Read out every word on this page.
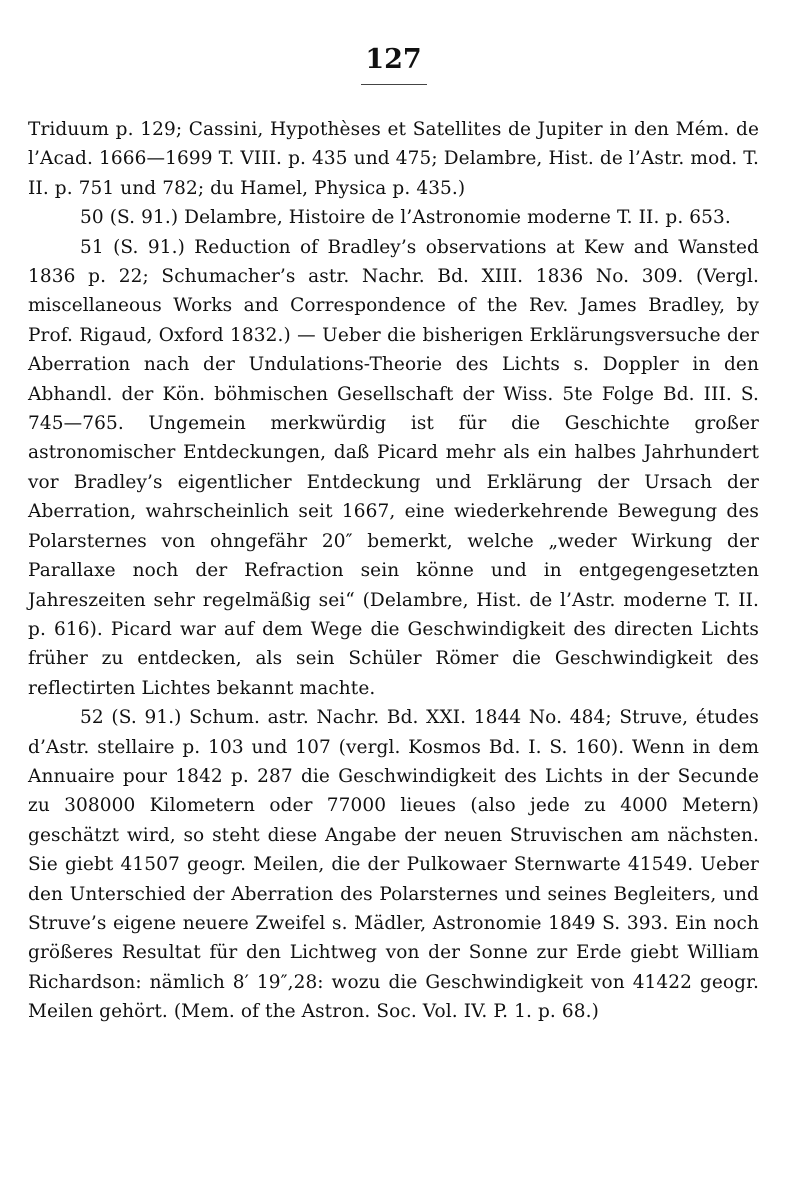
127

Triduum p. 129; Cassini, Hypothèses et Satellites de Jupiter in den Mém. de l’Acad. 1666—1699 T. VIII. p. 435 und 475; Delambre, Hist. de l’Astr. mod. T. II. p. 751 und 782; du Hamel, Physica p. 435.)

50 (S. 91.) Delambre, Histoire de l’Astronomie moderne T. II. p. 653.

51 (S. 91.) Reduction of Bradley’s observations at Kew and Wansted 1836 p. 22; Schumacher’s astr. Nachr. Bd. XIII. 1836 No. 309. (Vergl. miscellaneous Works and Correspondence of the Rev. James Bradley, by Prof. Rigaud, Oxford 1832.) — Ueber die bisherigen Erklärungsversuche der Aberration nach der Undulations-Theorie des Lichts s. Doppler in den Abhandl. der Kön. böhmischen Gesellschaft der Wiss. 5te Folge Bd. III. S. 745—765. Ungemein merkwürdig ist für die Geschichte großer astronomischer Entdeckungen, daß Picard mehr als ein halbes Jahrhundert vor Bradley’s eigentlicher Entdeckung und Erklärung der Ursach der Aberration, wahrscheinlich seit 1667, eine wiederkehrende Bewegung des Polarsternes von ohngefähr 20″ bemerkt, welche „weder Wirkung der Parallaxe noch der Refraction sein könne und in entgegengesetzten Jahreszeiten sehr regelmäßig sei“ (Delambre, Hist. de l’Astr. moderne T. II. p. 616). Picard war auf dem Wege die Geschwindigkeit des directen Lichts früher zu entdecken, als sein Schüler Römer die Geschwindigkeit des reflectirten Lichtes bekannt machte.

52 (S. 91.) Schum. astr. Nachr. Bd. XXI. 1844 No. 484; Struve, études d’Astr. stellaire p. 103 und 107 (vergl. Kosmos Bd. I. S. 160). Wenn in dem Annuaire pour 1842 p. 287 die Geschwindigkeit des Lichts in der Secunde zu 308000 Kilometern oder 77000 lieues (also jede zu 4000 Metern) geschätzt wird, so steht diese Angabe der neuen Struvischen am nächsten. Sie giebt 41507 geogr. Meilen, die der Pulkowaer Sternwarte 41549. Ueber den Unterschied der Aberration des Polarsternes und seines Begleiters, und Struve’s eigene neuere Zweifel s. Mädler, Astronomie 1849 S. 393. Ein noch größeres Resultat für den Lichtweg von der Sonne zur Erde giebt William Richardson: nämlich 8′ 19″,28: wozu die Geschwindigkeit von 41422 geogr. Meilen gehört. (Mem. of the Astron. Soc. Vol. IV. P. 1. p. 68.)
